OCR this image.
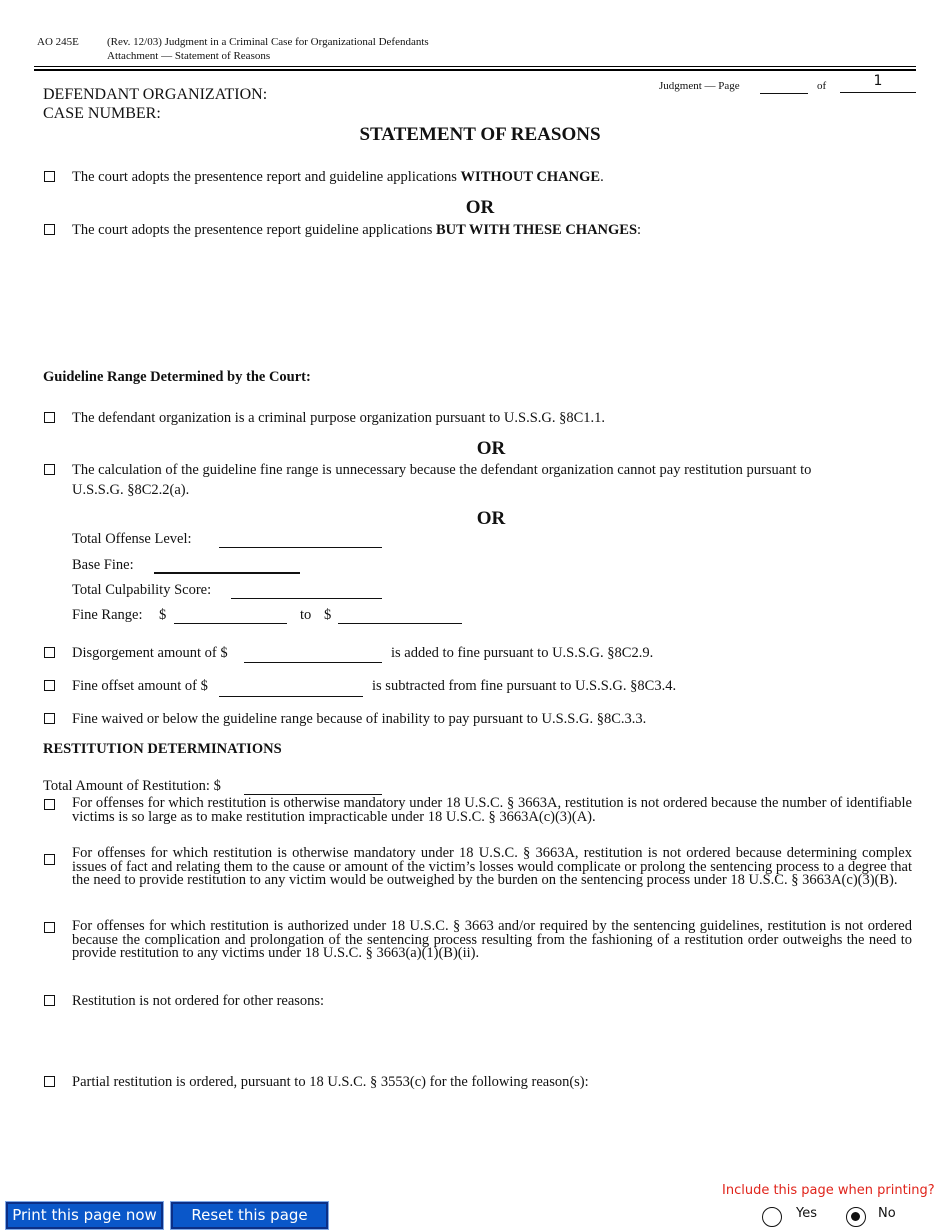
AO 245E	(Rev. 12/03) Judgment in a Criminal Case for Organizational Defendants
Attachment — Statement of Reasons
Judgment — Page	of	1
DEFENDANT ORGANIZATION:
CASE NUMBER:
STATEMENT OF REASONS
The court adopts the presentence report and guideline applications WITHOUT CHANGE.
OR
The court adopts the presentence report guideline applications BUT WITH THESE CHANGES:
Guideline Range Determined by the Court:
The defendant organization is a criminal purpose organization pursuant to U.S.S.G. §8C1.1.
OR
The calculation of the guideline fine range is unnecessary because the defendant organization cannot pay restitution pursuant to
U.S.S.G. §8C2.2(a).
OR
Total Offense Level:
Base Fine:
Total Culpability Score:
Fine Range: $	to $
Disgorgement amount of $	is added to fine pursuant to U.S.S.G. §8C2.9.
Fine offset amount of $	is subtracted from fine pursuant to U.S.S.G. §8C3.4.
Fine waived or below the guideline range because of inability to pay pursuant to U.S.S.G. §8C.3.3.
RESTITUTION DETERMINATIONS
Total Amount of Restitution: $
For offenses for which restitution is otherwise mandatory under 18 U.S.C. § 3663A, restitution is not ordered because the number of identifiable victims is so large as to make restitution impracticable under 18 U.S.C. § 3663A(c)(3)(A).
For offenses for which restitution is otherwise mandatory under 18 U.S.C. § 3663A, restitution is not ordered because determining complex issues of fact and relating them to the cause or amount of the victim’s losses would complicate or prolong the sentencing process to a degree that the need to provide restitution to any victim would be outweighed by the burden on the sentencing process under 18 U.S.C. § 3663A(c)(3)(B).
For offenses for which restitution is authorized under 18 U.S.C. § 3663 and/or required by the sentencing guidelines, restitution is not ordered because the complication and prolongation of the sentencing process resulting from the fashioning of a restitution order outweighs the need to provide restitution to any victims under 18 U.S.C. § 3663(a)(1)(B)(ii).
Restitution is not ordered for other reasons:
Partial restitution is ordered, pursuant to 18 U.S.C. § 3553(c) for the following reason(s):
Print this page now	Reset this page
Include this page when printing?
Yes	No
